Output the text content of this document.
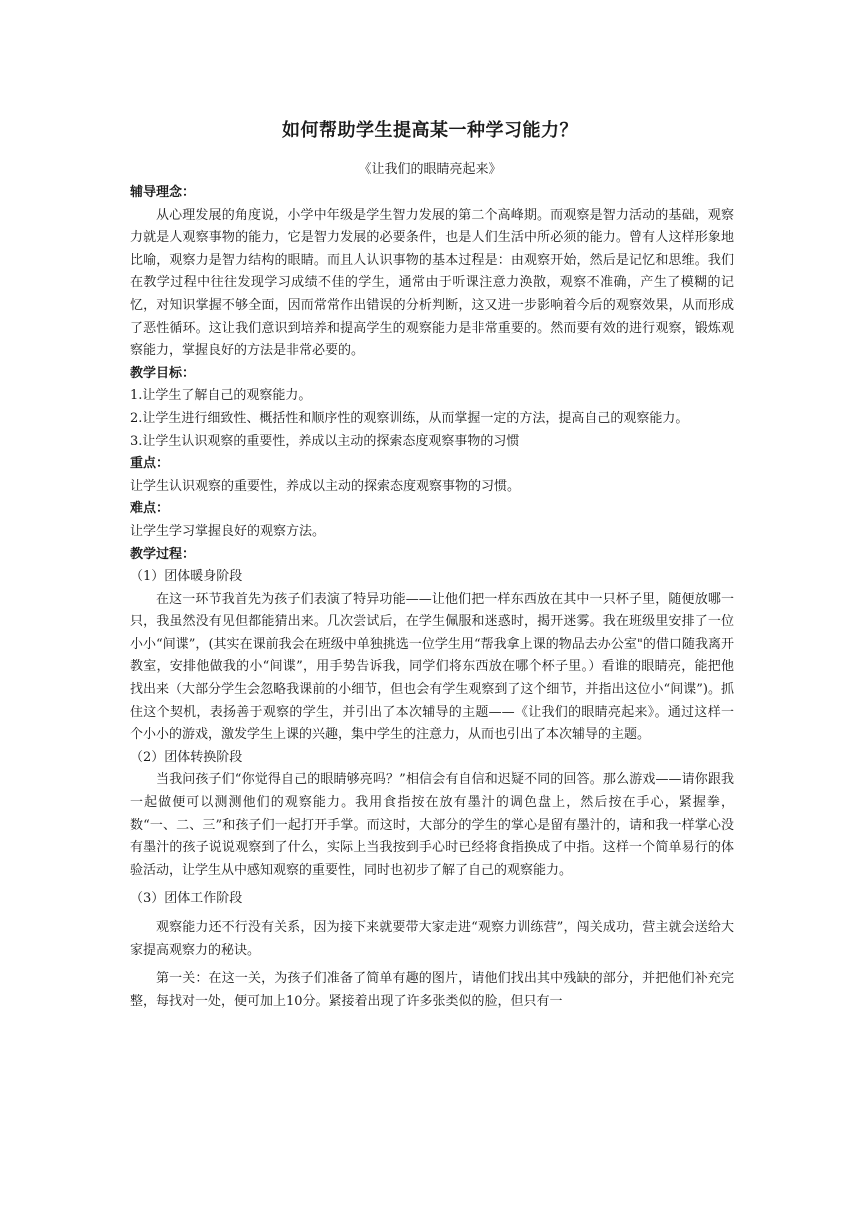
如何帮助学生提高某一种学习能力？
《让我们的眼睛亮起来》

辅导理念：

从心理发展的角度说，小学中年级是学生智力发展的第二个高峰期。而观察是智力活动的基础，观察力就是人观察事物的能力，它是智力发展的必要条件，也是人们生活中所必须的能力。曾有人这样形象地比喻，观察力是智力结构的眼睛。而且人认识事物的基本过程是：由观察开始，然后是记忆和思维。我们在教学过程中往往发现学习成绩不佳的学生，通常由于听课注意力涣散，观察不准确，产生了模糊的记忆，对知识掌握不够全面，因而常常作出错误的分析判断，这又进一步影响着今后的观察效果，从而形成了恶性循环。这让我们意识到培养和提高学生的观察能力是非常重要的。然而要有效的进行观察，锻炼观察能力，掌握良好的方法是非常必要的。

教学目标：

1.让学生了解自己的观察能力。

2.让学生进行细致性、概括性和顺序性的观察训练，从而掌握一定的方法，提高自己的观察能力。

3.让学生认识观察的重要性，养成以主动的探索态度观察事物的习惯

重点：

让学生认识观察的重要性，养成以主动的探索态度观察事物的习惯。

难点：

让学生学习掌握良好的观察方法。

教学过程：

（1）团体暖身阶段

在这一环节我首先为孩子们表演了特异功能——让他们把一样东西放在其中一只杯子里，随便放哪一只，我虽然没有见但都能猜出来。几次尝试后，在学生佩服和迷惑时，揭开迷雾。我在班级里安排了一位小小“间谍”，(其实在课前我会在班级中单独挑选一位学生用“帮我拿上课的物品去办公室"的借口随我离开教室，安排他做我的小“间谍”，用手势告诉我，同学们将东西放在哪个杯子里。）看谁的眼睛亮，能把他找出来（大部分学生会忽略我课前的小细节，但也会有学生观察到了这个细节，并指出这位小“间谍”)。抓住这个契机，表扬善于观察的学生，并引出了本次辅导的主题——《让我们的眼睛亮起来》。通过这样一个小小的游戏，激发学生上课的兴趣，集中学生的注意力，从而也引出了本次辅导的主题。

（2）团体转换阶段

当我问孩子们“你觉得自己的眼睛够亮吗？”相信会有自信和迟疑不同的回答。那么游戏——请你跟我一起做便可以测测他们的观察能力。我用食指按在放有墨汁的调色盘上，然后按在手心，紧握拳，数“一、二、三”和孩子们一起打开手掌。而这时，大部分的学生的掌心是留有墨汁的，请和我一样掌心没有墨汁的孩子说说观察到了什么，实际上当我按到手心时已经将食指换成了中指。这样一个简单易行的体验活动，让学生从中感知观察的重要性，同时也初步了解了自己的观察能力。

（3）团体工作阶段

观察能力还不行没有关系，因为接下来就要带大家走进“观察力训练营”，闯关成功，营主就会送给大家提高观察力的秘诀。

第一关：在这一关，为孩子们准备了简单有趣的图片，请他们找出其中残缺的部分，并把他们补充完整，每找对一处，便可加上10分。紧接着出现了许多张类似的脸，但只有一
